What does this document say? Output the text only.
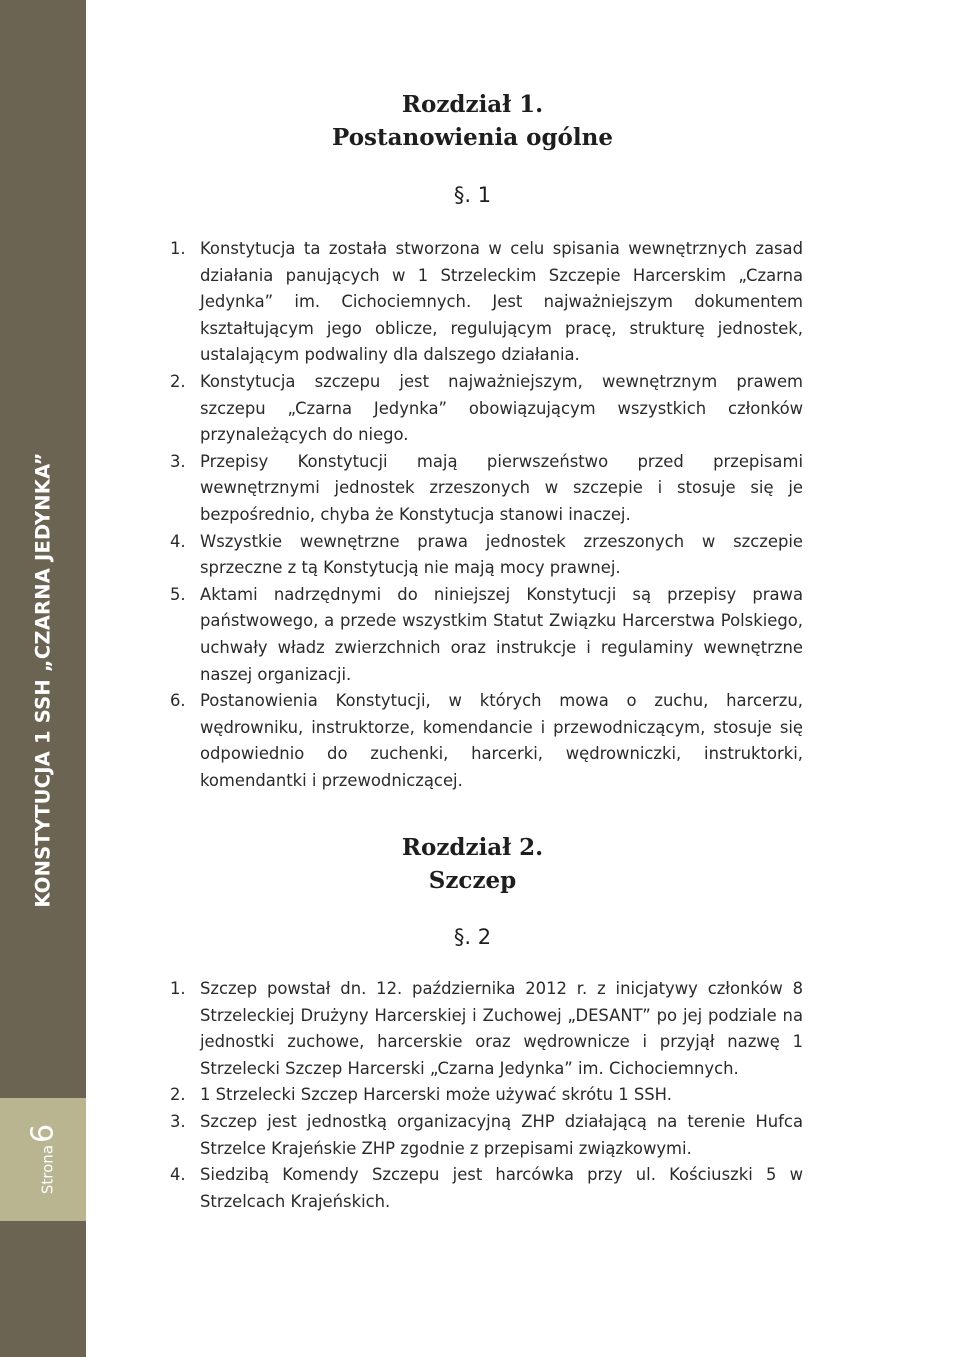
KONSTYTUCJA 1 SSH „CZARNA JEDYNKA”
Strona6
Rozdział 1.
Postanowienia ogólne
§. 1
1. Konstytucja ta została stworzona w celu spisania wewnętrznych zasad działania panujących w 1 Strzeleckim Szczepie Harcerskim „Czarna Jedynka” im. Cichociemnych. Jest najważniejszym dokumentem kształtującym jego oblicze, regulującym pracę, strukturę jednostek, ustalającym podwaliny dla dalszego działania.
2. Konstytucja szczepu jest najważniejszym, wewnętrznym prawem szczepu „Czarna Jedynka” obowiązującym wszystkich członków przynależących do niego.
3. Przepisy Konstytucji mają pierwszeństwo przed przepisami wewnętrznymi jednostek zrzeszonych w szczepie i stosuje się je bezpośrednio, chyba że Konstytucja stanowi inaczej.
4. Wszystkie wewnętrzne prawa jednostek zrzeszonych w szczepie sprzeczne z tą Konstytucją nie mają mocy prawnej.
5. Aktami nadrzędnymi do niniejszej Konstytucji są przepisy prawa państwowego, a przede wszystkim Statut Związku Harcerstwa Polskiego, uchwały władz zwierzchnich oraz instrukcje i regulaminy wewnętrzne naszej organizacji.
6. Postanowienia Konstytucji, w których mowa o zuchu, harcerzu, wędrowniku, instruktorze, komendancie i przewodniczącym, stosuje się odpowiednio do zuchenki, harcerki, wędrowniczki, instruktorki, komendantki i przewodniczącej.
Rozdział 2.
Szczep
§. 2
1. Szczep powstał dn. 12. października 2012 r. z inicjatywy członków 8 Strzeleckiej Drużyny Harcerskiej i Zuchowej „DESANT” po jej podziale na jednostki zuchowe, harcerskie oraz wędrownicze i przyjął nazwę 1 Strzelecki Szczep Harcerski „Czarna Jedynka” im. Cichociemnych.
2. 1 Strzelecki Szczep Harcerski może używać skrótu 1 SSH.
3. Szczep jest jednostką organizacyjną ZHP działającą na terenie Hufca Strzelce Krajeńskie ZHP zgodnie z przepisami związkowymi.
4. Siedzibą Komendy Szczepu jest harcówka przy ul. Kościuszki 5 w Strzelcach Krajeńskich.
